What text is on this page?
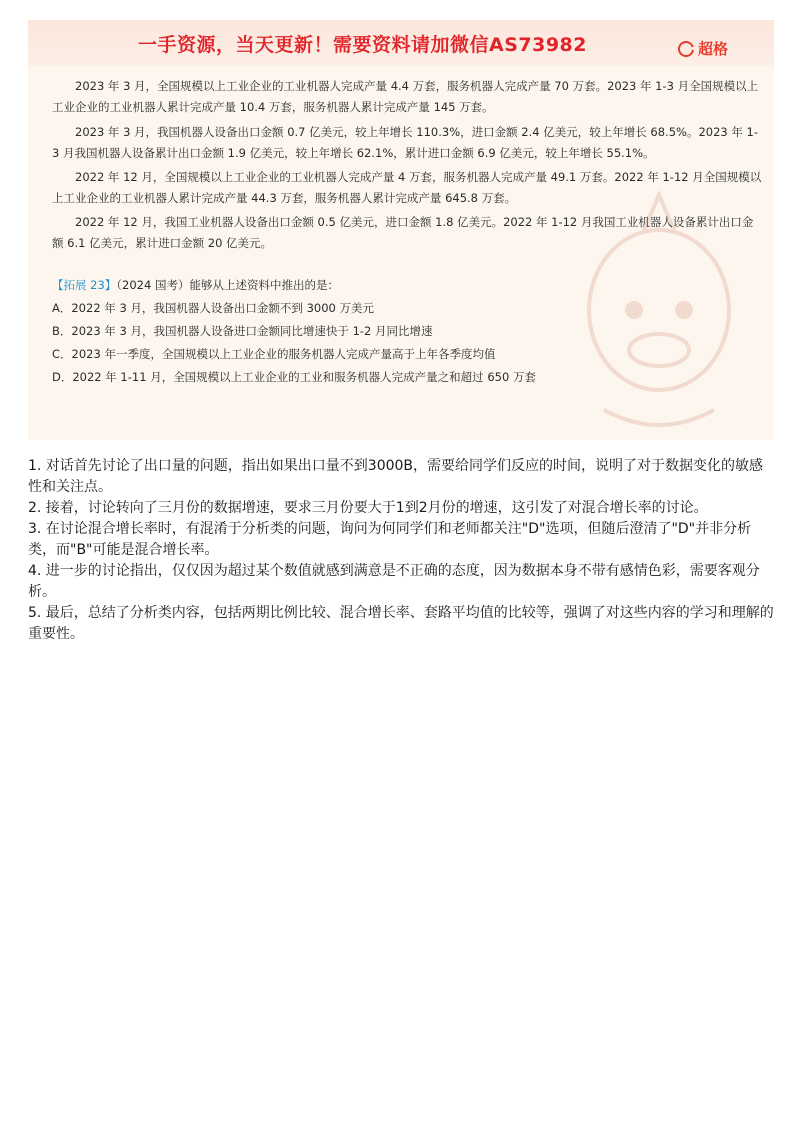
一手资源，当天更新！需要资料请加微信AS73982	超格

2023 年 3 月，全国规模以上工业企业的工业机器人完成产量 4.4 万套，服务机器人完成产量 70 万套。2023 年 1-3 月全国规模以上工业企业的工业机器人累计完成产量 10.4 万套，服务机器人累计完成产量 145 万套。

2023 年 3 月，我国机器人设备出口金额 0.7 亿美元，较上年增长 110.3%，进口金额 2.4 亿美元，较上年增长 68.5%。2023 年 1-3 月我国机器人设备累计出口金额 1.9 亿美元，较上年增长 62.1%，累计进口金额 6.9 亿美元，较上年增长 55.1%。

2022 年 12 月，全国规模以上工业企业的工业机器人完成产量 4 万套，服务机器人完成产量 49.1 万套。2022 年 1-12 月全国规模以上工业企业的工业机器人累计完成产量 44.3 万套，服务机器人累计完成产量 645.8 万套。

2022 年 12 月，我国工业机器人设备出口金额 0.5 亿美元，进口金额 1.8 亿美元。2022 年 1-12 月我国工业机器人设备累计出口金额 6.1 亿美元，累计进口金额 20 亿美元。

【拓展 23】（2024 国考）能够从上述资料中推出的是：
A．2022 年 3 月，我国机器人设备出口金额不到 3000 万美元
B．2023 年 3 月，我国机器人设备进口金额同比增速快于 1-2 月同比增速
C．2023 年一季度，全国规模以上工业企业的服务机器人完成产量高于上年各季度均值
D．2022 年 1-11 月，全国规模以上工业企业的工业和服务机器人完成产量之和超过 650 万套

1. 对话首先讨论了出口量的问题，指出如果出口量不到3000B，需要给同学们反应的时间，说明了对于数据变化的敏感性和关注点。

2. 接着，讨论转向了三月份的数据增速，要求三月份要大于1到2月份的增速，这引发了对混合增长率的讨论。

3. 在讨论混合增长率时，有混淆于分析类的问题，询问为何同学们和老师都关注"D"选项，但随后澄清了"D"并非分析类，而"B"可能是混合增长率。

4. 进一步的讨论指出，仅仅因为超过某个数值就感到满意是不正确的态度，因为数据本身不带有感情色彩，需要客观分析。

5. 最后，总结了分析类内容，包括两期比例比较、混合增长率、套路平均值的比较等，强调了对这些内容的学习和理解的重要性。
